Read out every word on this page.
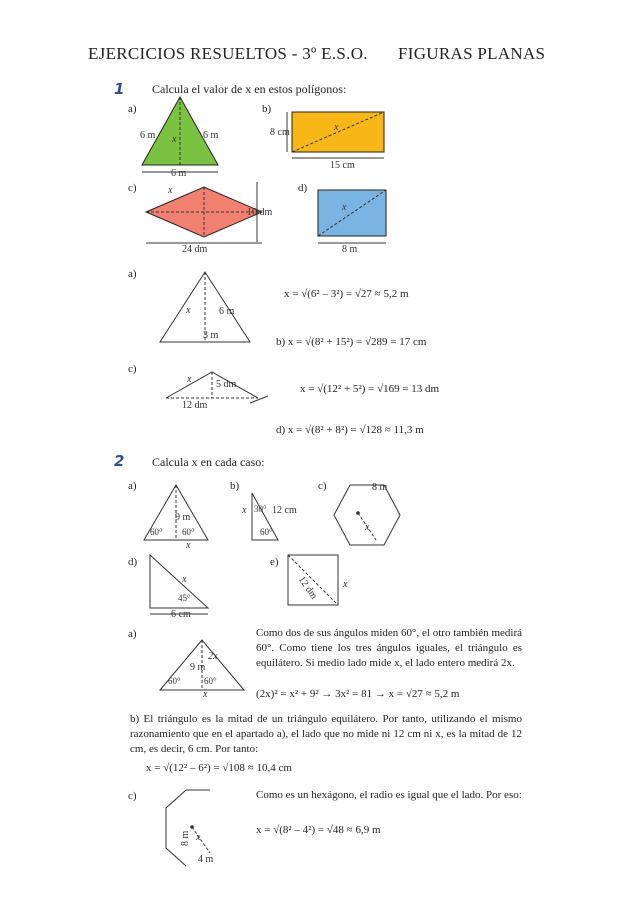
EJERCICIOS RESUELTOS - 3º E.S.O. FIGURAS PLANAS
1 Calcula el valor de x en estos polígonos:
a)	b)
c)	d)
6 m	6 m
x
6 m
8 cm
15 cm
x
x
24 dm
10 dm	x
8 m
x	6 m
3 m
x 5 dm
12 dm
9 m
60° 60°
x
x 30° 12 cm
60°
8 m
x
x
45°
6 cm
12 dm x
9 m
2x
60°	60°
x
8 m x
4 m
a)
x = √(6² – 3²) = √27 ≈ 5,2 m
b) x = √(8² + 15²) = √289 = 17 cm
c)
x = √(12² + 5²) = √169 = 13 dm
d) x = √(8² + 8²) = √128 ≈ 11,3 m
2 Calcula x en cada caso:
a)	b)	c)
d)	e)
a)	Como dos de sus ángulos miden 60°, el otro también medirá 60°. Como tiene los tres ángulos iguales, el triángulo es equilátero. Si medio lado mide x, el lado entero medirá 2x.
(2x)² = x² + 9² → 3x² = 81 → x = √27 ≈ 5,2 m
b) El triángulo es la mitad de un triángulo equilátero. Por tanto, utilizando el mismo razonamiento que en el apartado a), el lado que no mide ni 12 cm ni x, es la mitad de 12 cm, es decir, 6 cm. Por tanto:
x = √(12² – 6²) = √108 ≈ 10,4 cm
c)	Como es un hexágono, el radio es igual que el lado. Por eso:
x = √(8² – 4²) = √48 ≈ 6,9 m
